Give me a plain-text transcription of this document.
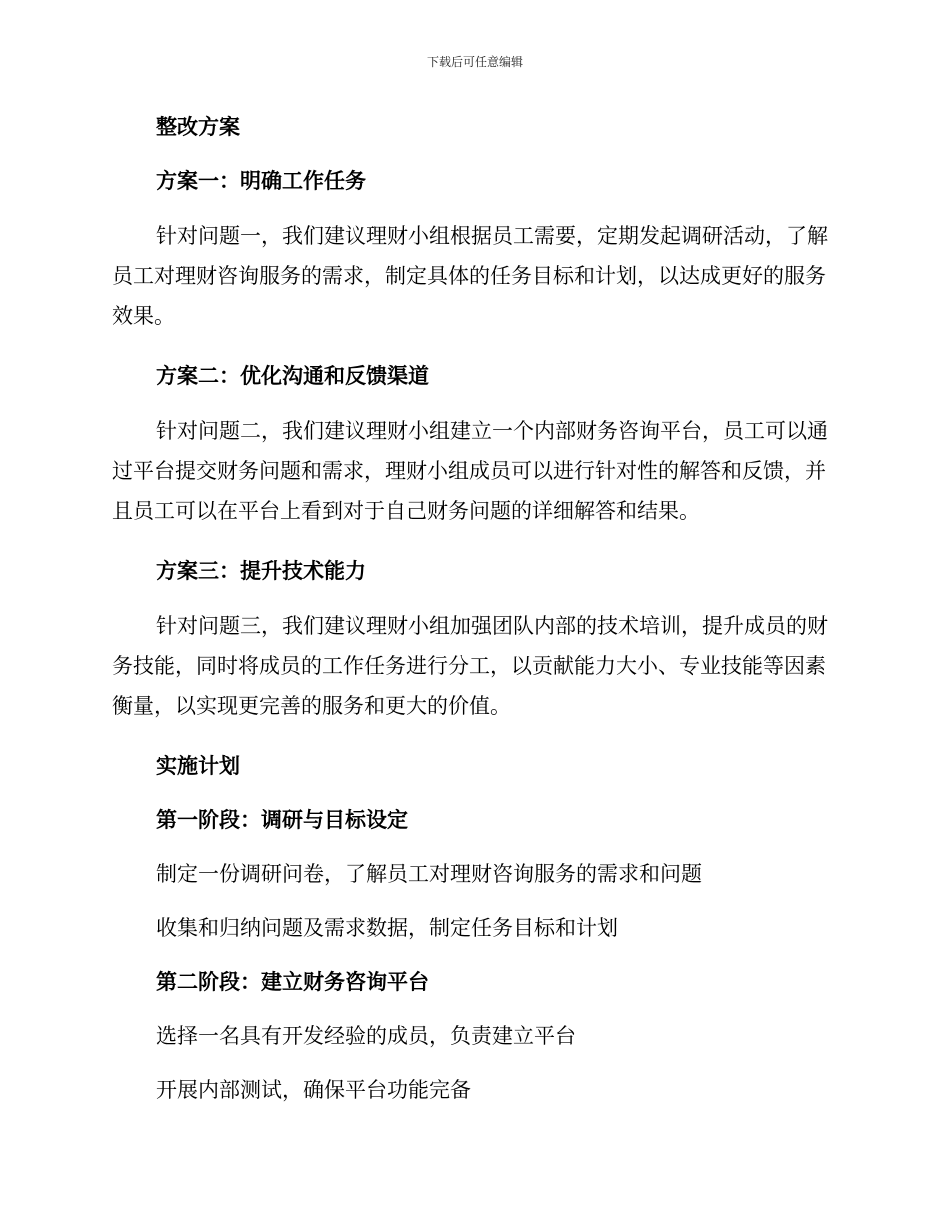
下载后可任意编辑

整改方案

方案一：明确工作任务

针对问题一，我们建议理财小组根据员工需要，定期发起调研活动，了解员工对理财咨询服务的需求，制定具体的任务目标和计划，以达成更好的服务效果。

方案二：优化沟通和反馈渠道

针对问题二，我们建议理财小组建立一个内部财务咨询平台，员工可以通过平台提交财务问题和需求，理财小组成员可以进行针对性的解答和反馈，并且员工可以在平台上看到对于自己财务问题的详细解答和结果。

方案三：提升技术能力

针对问题三，我们建议理财小组加强团队内部的技术培训，提升成员的财务技能，同时将成员的工作任务进行分工，以贡献能力大小、专业技能等因素衡量，以实现更完善的服务和更大的价值。

实施计划

第一阶段：调研与目标设定

制定一份调研问卷，了解员工对理财咨询服务的需求和问题

收集和归纳问题及需求数据，制定任务目标和计划

第二阶段：建立财务咨询平台

选择一名具有开发经验的成员，负责建立平台

开展内部测试，确保平台功能完备
